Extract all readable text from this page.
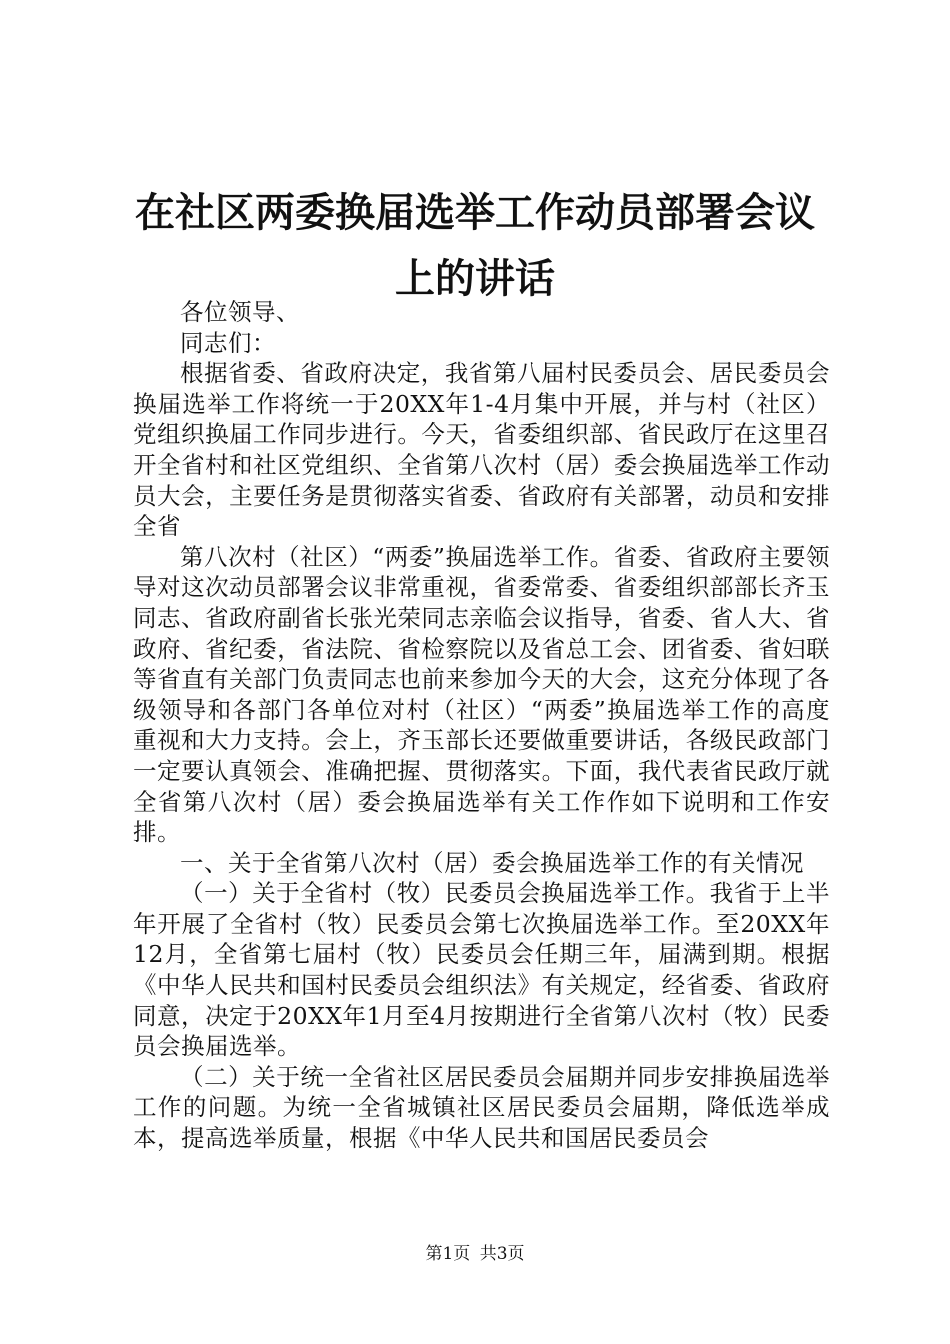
在社区两委换届选举工作动员部署会议上的讲话

各位领导、

同志们：

根据省委、省政府决定，我省第八届村民委员会、居民委员会换届选举工作将统一于20XX年1-4月集中开展，并与村（社区）党组织换届工作同步进行。今天，省委组织部、省民政厅在这里召开全省村和社区党组织、全省第八次村（居）委会换届选举工作动员大会，主要任务是贯彻落实省委、省政府有关部署，动员和安排全省

第八次村（社区）“两委”换届选举工作。省委、省政府主要领导对这次动员部署会议非常重视，省委常委、省委组织部部长齐玉同志、省政府副省长张光荣同志亲临会议指导，省委、省人大、省政府、省纪委，省法院、省检察院以及省总工会、团省委、省妇联等省直有关部门负责同志也前来参加今天的大会，这充分体现了各级领导和各部门各单位对村（社区）“两委”换届选举工作的高度重视和大力支持。会上，齐玉部长还要做重要讲话，各级民政部门一定要认真领会、准确把握、贯彻落实。下面，我代表省民政厅就全省第八次村（居）委会换届选举有关工作作如下说明和工作安排。

一、关于全省第八次村（居）委会换届选举工作的有关情况

（一）关于全省村（牧）民委员会换届选举工作。我省于上半年开展了全省村（牧）民委员会第七次换届选举工作。至20XX年12月，全省第七届村（牧）民委员会任期三年，届满到期。根据《中华人民共和国村民委员会组织法》有关规定，经省委、省政府同意，决定于20XX年1月至4月按期进行全省第八次村（牧）民委员会换届选举。

（二）关于统一全省社区居民委员会届期并同步安排换届选举工作的问题。为统一全省城镇社区居民委员会届期，降低选举成本，提高选举质量，根据《中华人民共和国居民委员会

第1页 共3页
